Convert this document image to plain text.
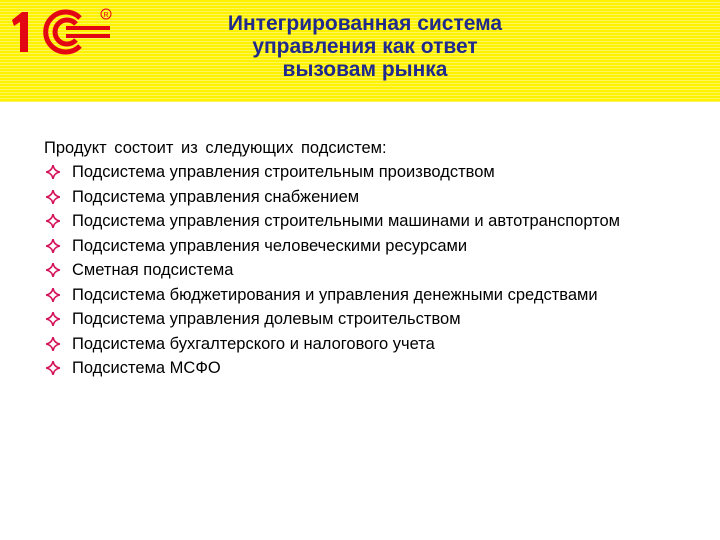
R	Интегрированная система
управления как ответ
вызовам рынка
Продукт состоит из следующих подсистем:
Подсистема управления строительным производством
Подсистема управления снабжением
Подсистема управления строительными машинами и автотранспортом
Подсистема управления человеческими ресурсами
Сметная подсистема
Подсистема бюджетирования и управления денежными средствами
Подсистема управления долевым строительством
Подсистема бухгалтерского и налогового учета
Подсистема МСФО
